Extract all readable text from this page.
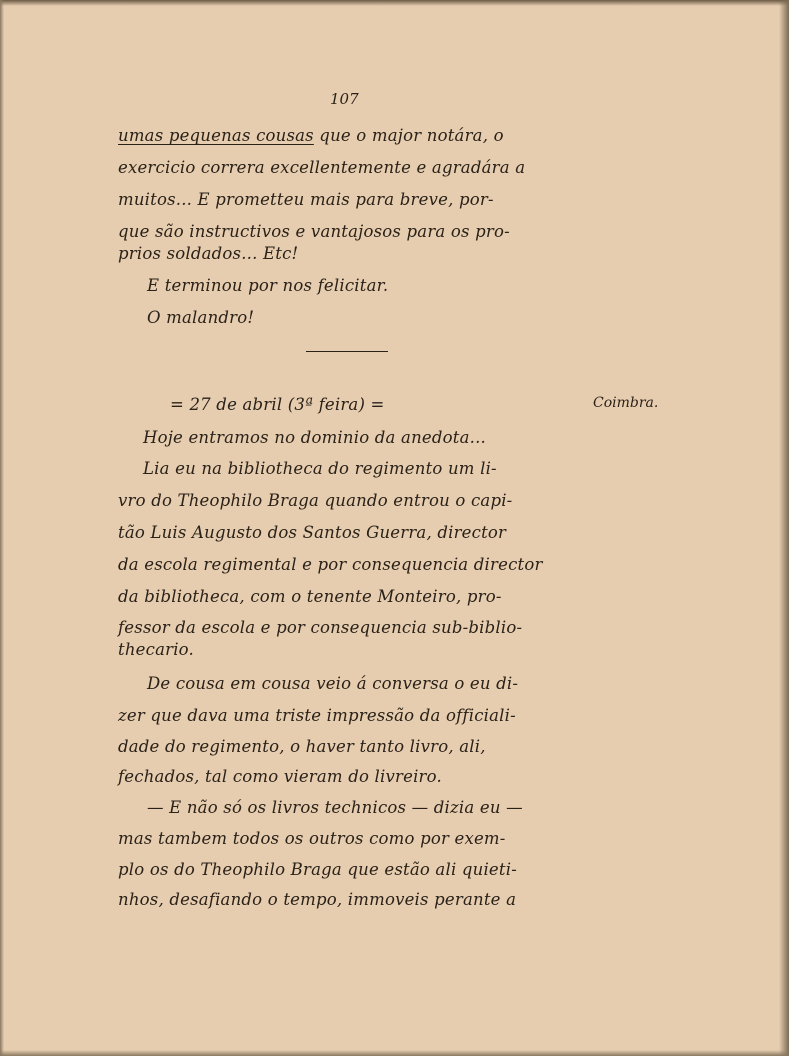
107
umas pequenas cousas que o major notára, o
exercicio correra excellentemente e agradára a
muitos... E prometteu mais para breve, por-
que são instructivos e vantajosos para os pro-
prios soldados... Etc!
E terminou por nos felicitar.
O malandro!
= 27 de abril (3ª feira) =	Coimbra.
Hoje entramos no dominio da anedota...
Lia eu na bibliotheca do regimento um li-
vro do Theophilo Braga quando entrou o capi-
tão Luis Augusto dos Santos Guerra, director
da escola regimental e por consequencia director
da bibliotheca, com o tenente Monteiro, pro-
fessor da escola e por consequencia sub-biblio-
thecario.
De cousa em cousa veio á conversa o eu di-
zer que dava uma triste impressão da officiali-
dade do regimento, o haver tanto livro, ali,
fechados, tal como vieram do livreiro.
— E não só os livros technicos — dizia eu —
mas tambem todos os outros como por exem-
plo os do Theophilo Braga que estão ali quieti-
nhos, desafiando o tempo, immoveis perante a
